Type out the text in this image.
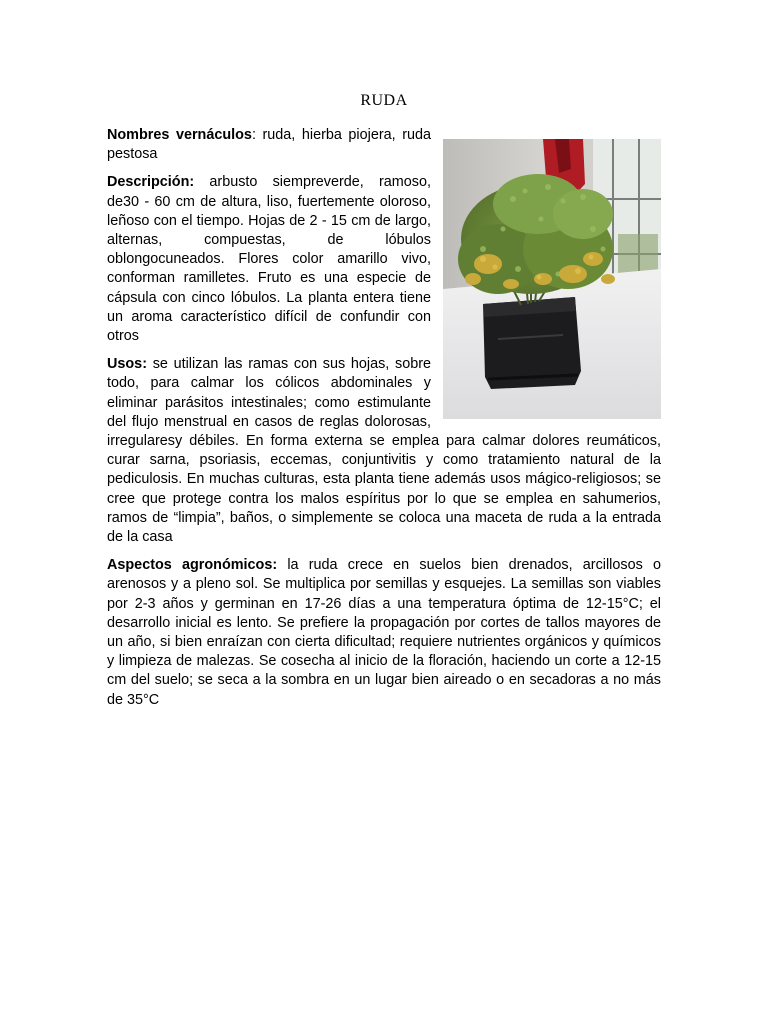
RUDA

Nombres vernáculos: ruda, hierba piojera, ruda pestosa

Descripción: arbusto siempreverde, ramoso, de30 - 60 cm de altura, liso, fuertemente oloroso, leñoso con el tiempo. Hojas de 2 - 15 cm de largo, alternas, compuestas, de lóbulos oblongocuneados. Flores color amarillo vivo, conforman ramilletes. Fruto es una especie de cápsula con cinco lóbulos. La planta entera tiene un aroma característico difícil de confundir con otros

Usos: se utilizan las ramas con sus hojas, sobre todo, para calmar los cólicos abdominales y eliminar parásitos intestinales; como estimulante del flujo menstrual en casos de reglas dolorosas, irregularesy débiles. En forma externa se emplea para calmar dolores reumáticos, curar sarna, psoriasis, eccemas, conjuntivitis y como tratamiento natural de la pediculosis. En muchas culturas, esta planta tiene además usos mágico-religiosos; se cree que protege contra los malos espíritus por lo que se emplea en sahumerios, ramos de “limpia”, baños, o simplemente se coloca una maceta de ruda a la entrada de la casa

Aspectos agronómicos: la ruda crece en suelos bien drenados, arcillosos o arenosos y a pleno sol. Se multiplica por semillas y esquejes. La semillas son viables por 2-3 años y germinan en 17-26 días a una temperatura óptima de 12-15°C; el desarrollo inicial es lento. Se prefiere la propagación por cortes de tallos mayores de un año, si bien enraízan con cierta dificultad; requiere nutrientes orgánicos y químicos y limpieza de malezas. Se cosecha al inicio de la floración, haciendo un corte a 12-15 cm del suelo; se seca a la sombra en un lugar bien aireado o en secadoras a no más de 35°C
